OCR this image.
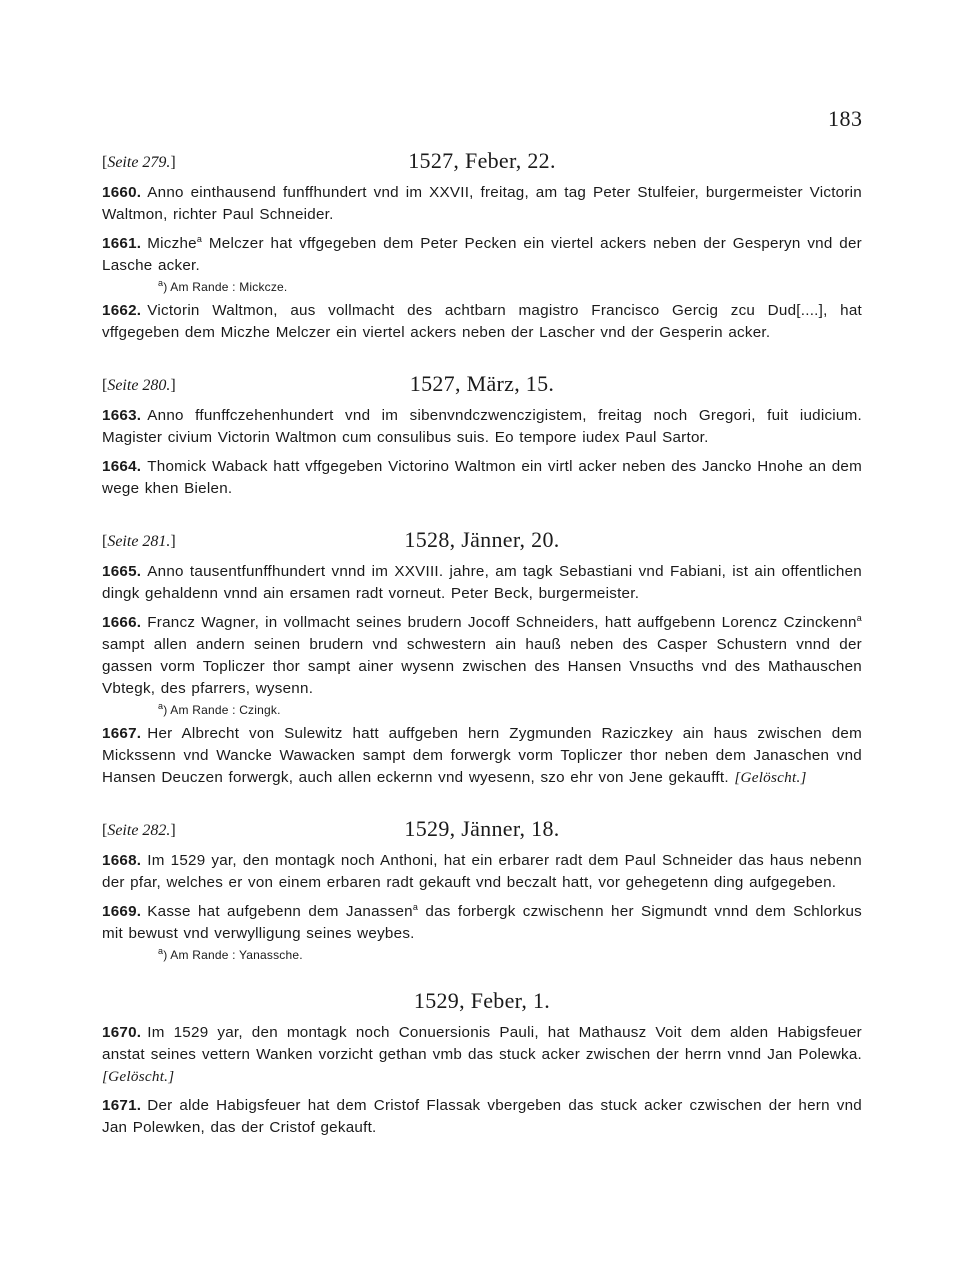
183
[Seite 279.]	1527, Feber, 22.

1660. Anno einthausend funffhundert vnd im XXVII, freitag, am tag Peter Stulfeier, burgermeister Victorin Waltmon, richter Paul Schneider.

1661. Miczhe$^a$ Melczer hat vffgegeben dem Peter Pecken ein viertel ackers neben der Gesperyn vnd der Lasche acker.

$^a$) Am Rande : Mickcze.

1662. Victorin Waltmon, aus vollmacht des achtbarn magistro Francisco Gercig zcu Dud[....], hat vffgegeben dem Miczhe Melczer ein viertel ackers neben der Lascher vnd der Gesperin acker.

[Seite 280.]	1527, März, 15.

1663. Anno ffunffczehenhundert vnd im sibenvndczwenczigistem, freitag noch Gregori, fuit iudicium. Magister civium Victorin Waltmon cum consulibus suis. Eo tempore iudex Paul Sartor.

1664. Thomick Waback hatt vffgegeben Victorino Waltmon ein virtl acker neben des Jancko Hnohe an dem wege khen Bielen.

[Seite 281.]	1528, Jänner, 20.

1665. Anno tausentfunffhundert vnnd im XXVIII. jahre, am tagk Sebastiani vnd Fabiani, ist ain offentlichen dingk gehaldenn vnnd ain ersamen radt vorneut. Peter Beck, burgermeister.

1666. Francz Wagner, in vollmacht seines brudern Jocoff Schneiders, hatt auffgebenn Lorencz Czinckenn$^a$ sampt allen andern seinen brudern vnd schwestern ain hauß neben des Casper Schustern vnnd der gassen vorm Topliczer thor sampt ainer wysenn zwischen des Hansen Vnsucths vnd des Mathauschen Vbtegk, des pfarrers, wysenn.

$^a$) Am Rande : Czingk.

1667. Her Albrecht von Sulewitz hatt auffgeben hern Zygmunden Raziczkey ain haus zwischen dem Mickssenn vnd Wancke Wawacken sampt dem forwergk vorm Topliczer thor neben dem Janaschen vnd Hansen Deuczen forwergk, auch allen eckernn vnd wyesenn, szo ehr von Jene gekaufft. [Gelöscht.]

[Seite 282.]	1529, Jänner, 18.

1668. Im 1529 yar, den montagk noch Anthoni, hat ein erbarer radt dem Paul Schneider das haus nebenn der pfar, welches er von einem erbaren radt gekauft vnd beczalt hatt, vor gehegetenn ding aufgegeben.

1669. Kasse hat aufgebenn dem Janassen$^a$ das forbergk czwischenn her Sigmundt vnnd dem Schlorkus mit bewust vnd verwylligung seines weybes.

$^a$) Am Rande : Yanassche.
1529, Feber, 1.

1670. Im 1529 yar, den montagk noch Conuersionis Pauli, hat Mathausz Voit dem alden Habigsfeuer anstat seines vettern Wanken vorzicht gethan vmb das stuck acker zwischen der herrn vnnd Jan Polewka. [Gelöscht.]

1671. Der alde Habigsfeuer hat dem Cristof Flassak vbergeben das stuck acker czwischen der hern vnd Jan Polewken, das der Cristof gekauft.
